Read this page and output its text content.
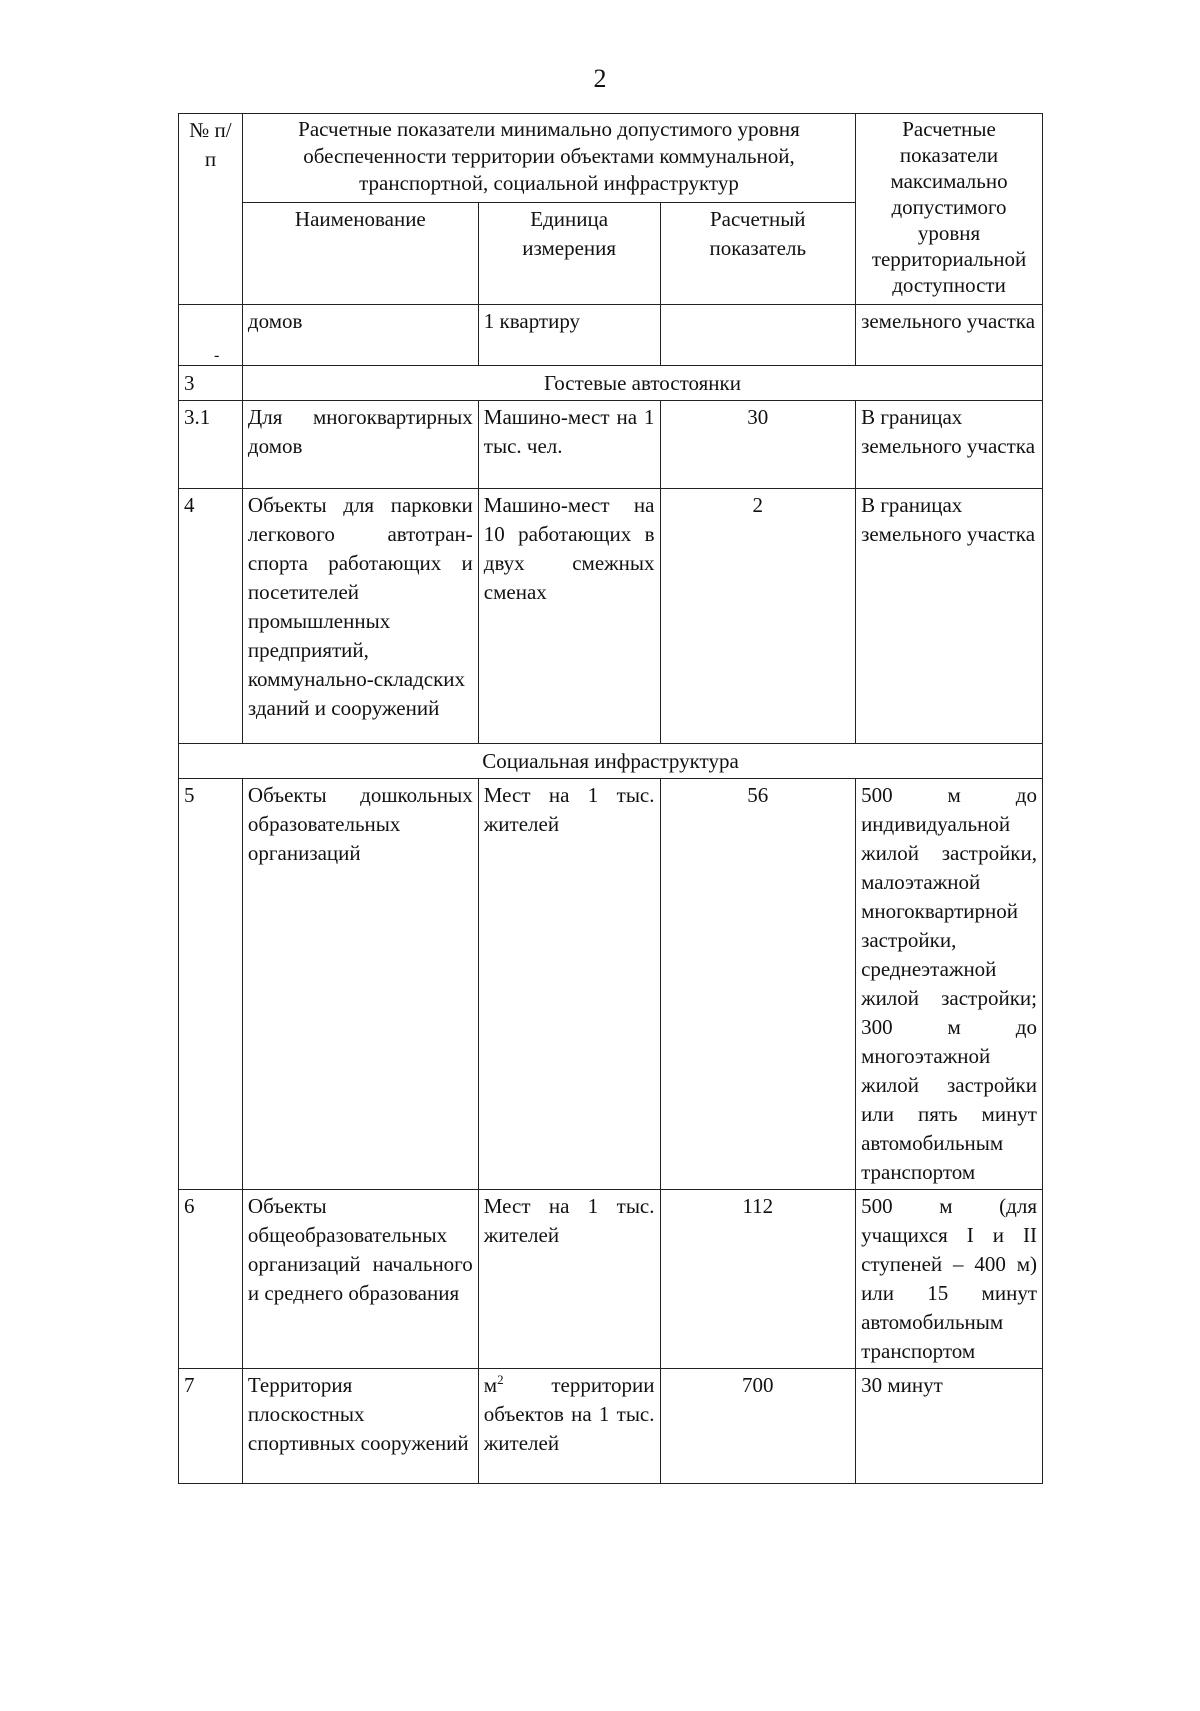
2
№ п/п	Расчетные показатели минимально допустимого уровня обеспеченности территории объектами коммунальной, транспортной, социальной инфраструктур			Расчетные показатели максимально допустимого уровня территориальной доступности
	Наименование	Единица измерения	Расчетный показатель	

-	домов	1 квартиру		земельного участка
3	Гостевые автостоянки			
3.1	Для многоквартирных домов	Машино-мест на 1 тыс. чел.	30	В границах земельного участка
4	Объекты для парковки легкового автотран-спорта работающих и посетителей промышленных предприятий, коммунально-складских зданий и сооружений	Машино-мест на 10 работающих в двух смежных сменах	2	В границах земельного участка
Социальная инфраструктура				
5	Объекты дошкольных образовательных организаций	Мест на 1 тыс. жителей	56	500 м до индивидуальной жилой застройки, малоэтажной многоквартирной застройки, среднеэтажной жилой застройки; 300 м до многоэтажной жилой застройки или пять минут автомобильным транспортом
6	Объекты общеобразовательных организаций начального и среднего образования	Мест на 1 тыс. жителей	112	500 м (для учащихся I и II ступеней – 400 м) или 15 минут автомобильным транспортом
7	Территория плоскостных спортивных сооружений	$м^2$ территории объектов на 1 тыс. жителей	700	30 минут
